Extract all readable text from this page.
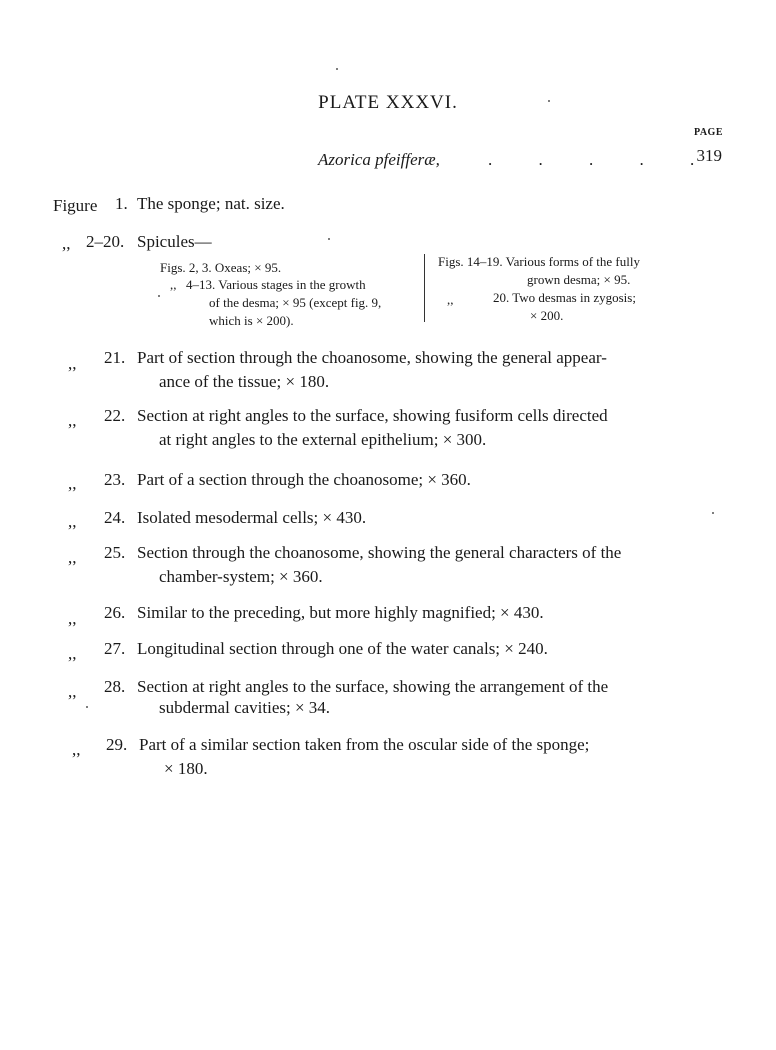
PLATE XXXVI.
PAGE
Azorica pfeifferæ,	. . . . . 319
Figure 1. The sponge; nat. size.
,, 2–20. Spicules—
Figs. 2, 3. Oxeas; × 95.
,, 4–13. Various stages in the growth
of the desma; × 95 (except fig. 9,
which is × 200).
Figs. 14–19. Various forms of the fully
grown desma; × 95.
,,	20. Two desmas in zygosis;
× 200.
,, 21. Part of section through the choanosome, showing the general appear-
ance of the tissue; × 180.
,, 22. Section at right angles to the surface, showing fusiform cells directed
at right angles to the external epithelium; × 300.
,, 23. Part of a section through the choanosome; × 360.
,, 24. Isolated mesodermal cells; × 430.
,, 25. Section through the choanosome, showing the general characters of the
chamber-system; × 360.
,, 26. Similar to the preceding, but more highly magnified; × 430.
,, 27. Longitudinal section through one of the water canals; × 240.
,, 28. Section at right angles to the surface, showing the arrangement of the
subdermal cavities; × 34.
,, 29. Part of a similar section taken from the oscular side of the sponge;
× 180.
